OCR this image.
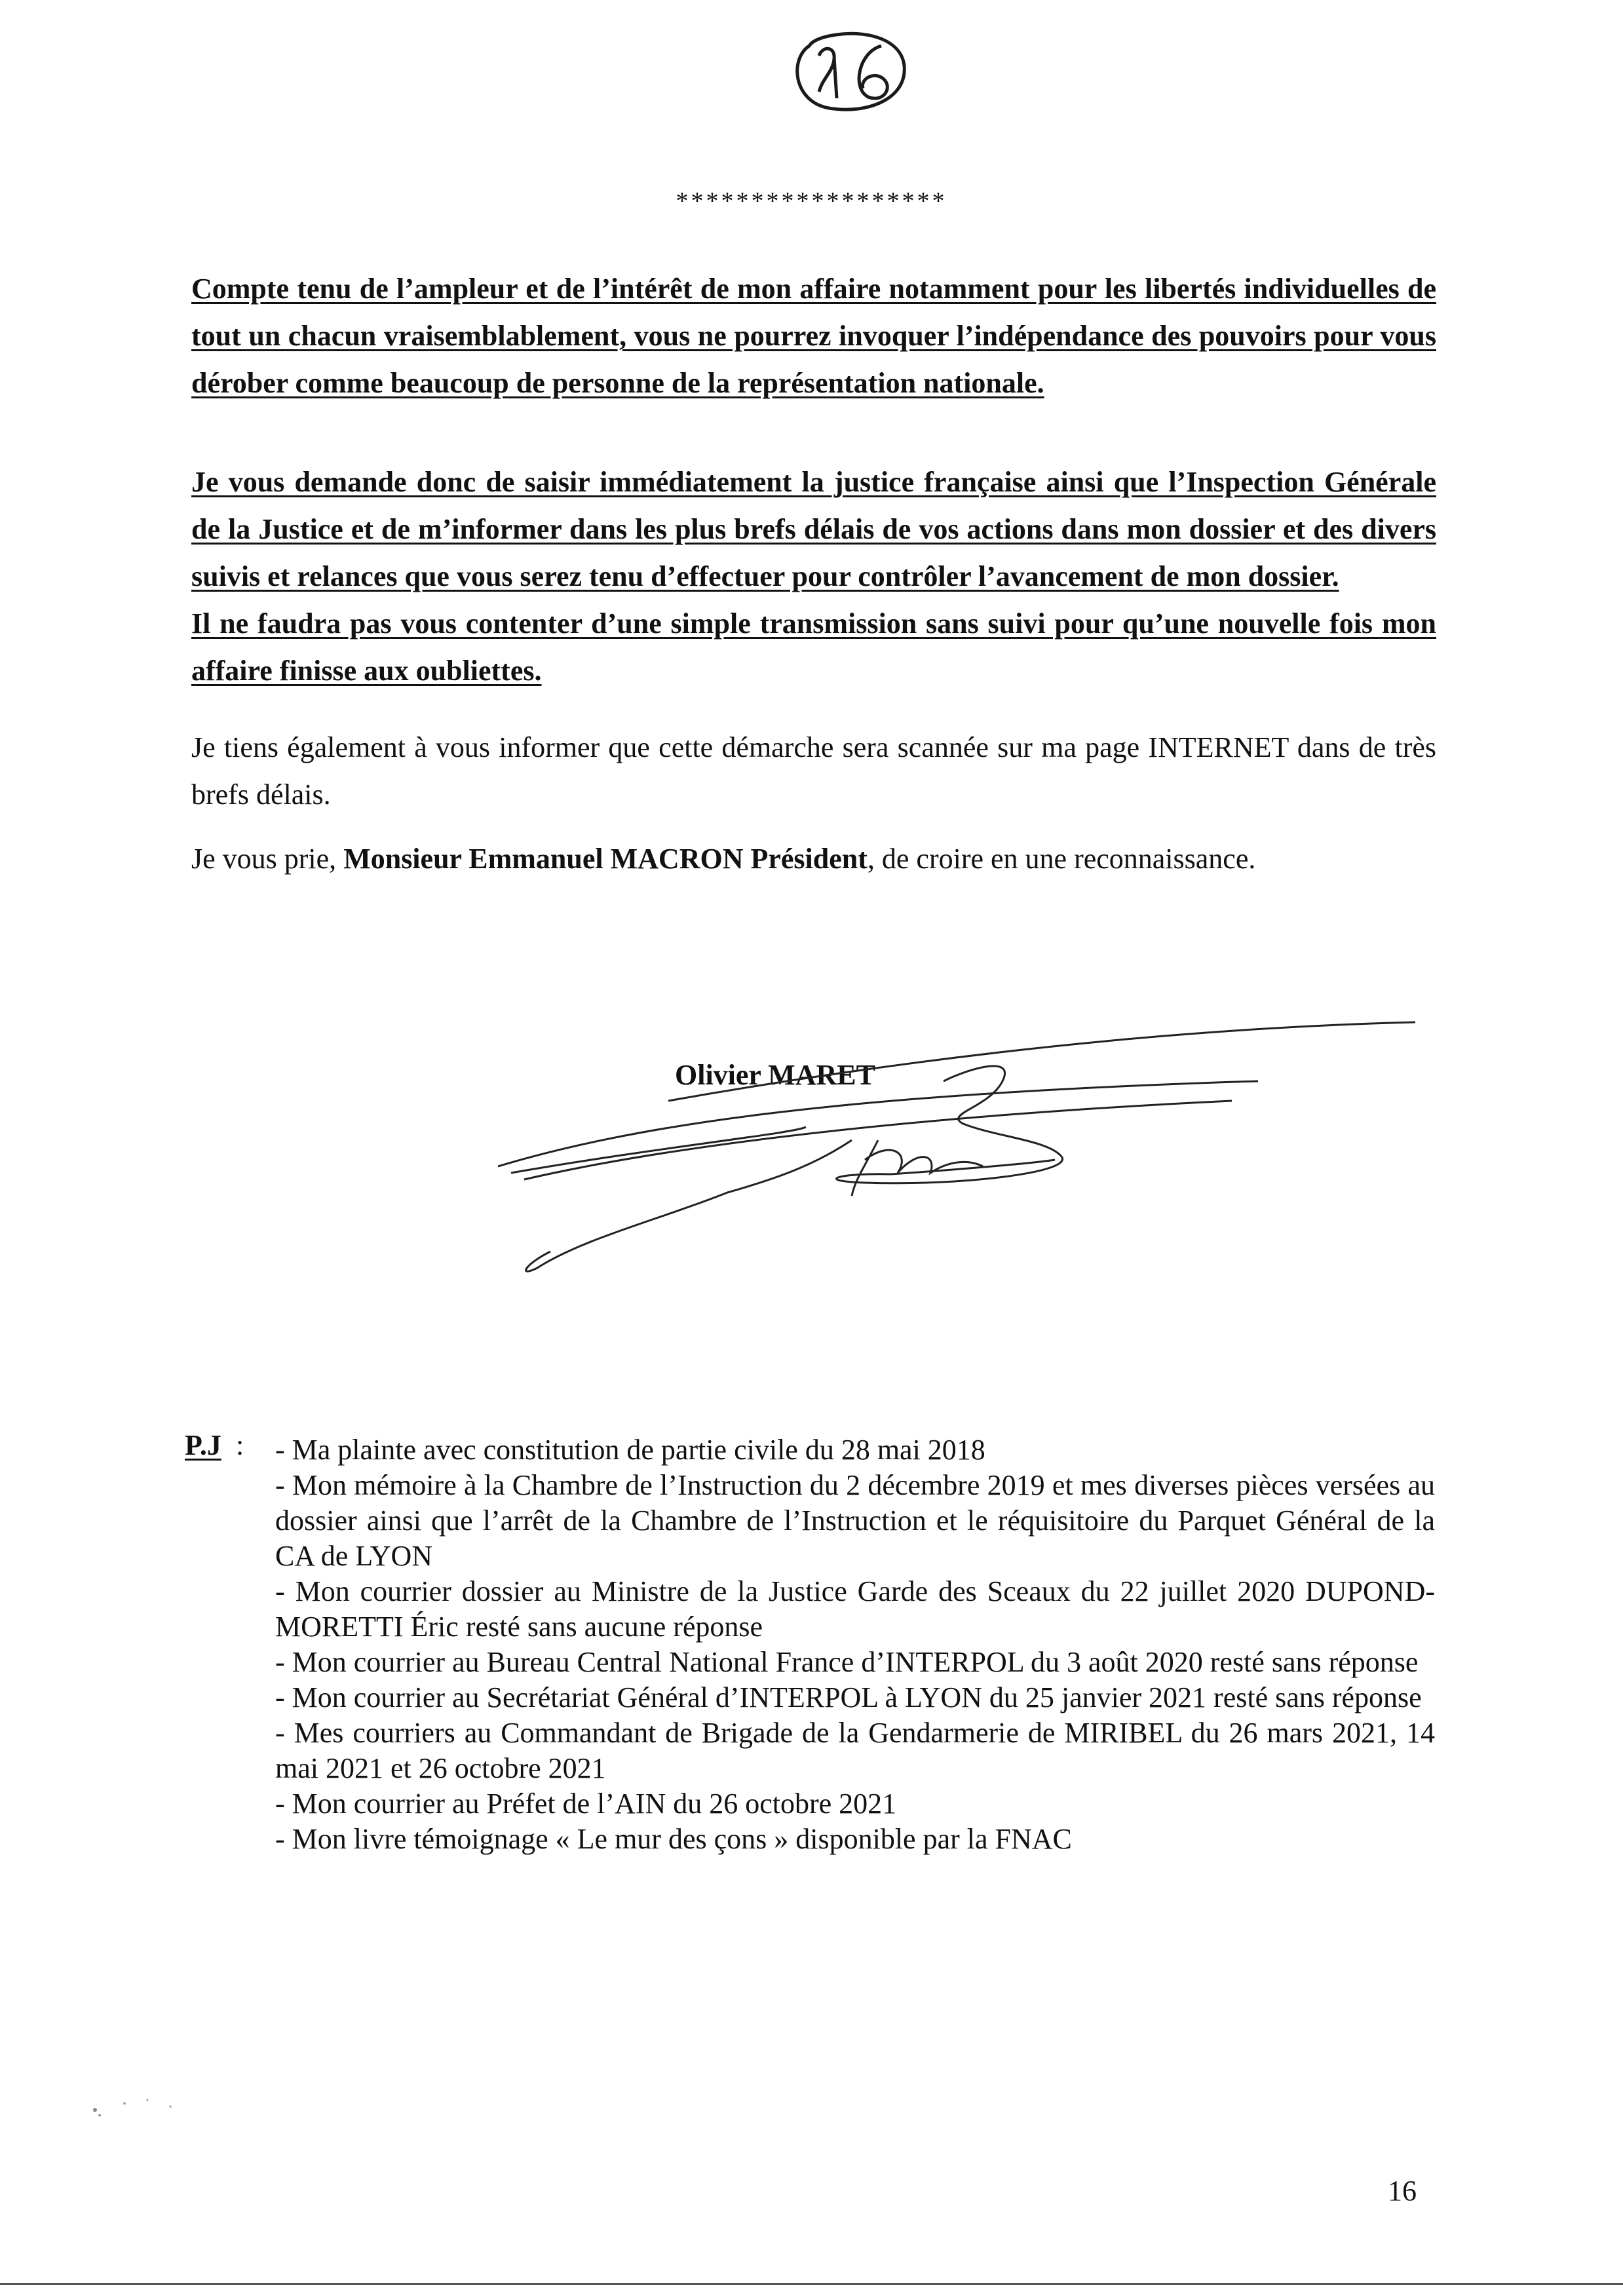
******************

Compte tenu de l’ampleur et de l’intérêt de mon affaire notamment pour les libertés individuelles de tout un chacun vraisemblablement, vous ne pourrez invoquer l’indépendance des pouvoirs pour vous dérober comme beaucoup de personne de la représentation nationale.

Je vous demande donc de saisir immédiatement la justice française ainsi que l’Inspection Générale de la Justice et de m’informer dans les plus brefs délais de vos actions dans mon dossier et des divers suivis et relances que vous serez tenu d’effectuer pour contrôler l’avancement de mon dossier.

Il ne faudra pas vous contenter d’une simple transmission sans suivi pour qu’une nouvelle fois mon affaire finisse aux oubliettes.

Je tiens également à vous informer que cette démarche sera scannée sur ma page INTERNET dans de très brefs délais.

Je vous prie, Monsieur Emmanuel MACRON Président, de croire en une reconnaissance.

Olivier MARET
P.J : - Ma plainte avec constitution de partie civile du 28 mai 2018
- Mon mémoire à la Chambre de l’Instruction du 2 décembre 2019 et mes diverses pièces versées au dossier ainsi que l’arrêt de la Chambre de l’Instruction et le réquisitoire du Parquet Général de la CA de LYON
- Mon courrier dossier au Ministre de la Justice Garde des Sceaux du 22 juillet 2020 DUPOND-MORETTI Éric resté sans aucune réponse
- Mon courrier au Bureau Central National France d’INTERPOL du 3 août 2020 resté sans réponse
- Mon courrier au Secrétariat Général d’INTERPOL à LYON du 25 janvier 2021 resté sans réponse
- Mes courriers au Commandant de Brigade de la Gendarmerie de MIRIBEL du 26 mars 2021, 14 mai 2021 et 26 octobre 2021
- Mon courrier au Préfet de l’AIN du 26 octobre 2021
- Mon livre témoignage « Le mur des çons » disponible par la FNAC
16
